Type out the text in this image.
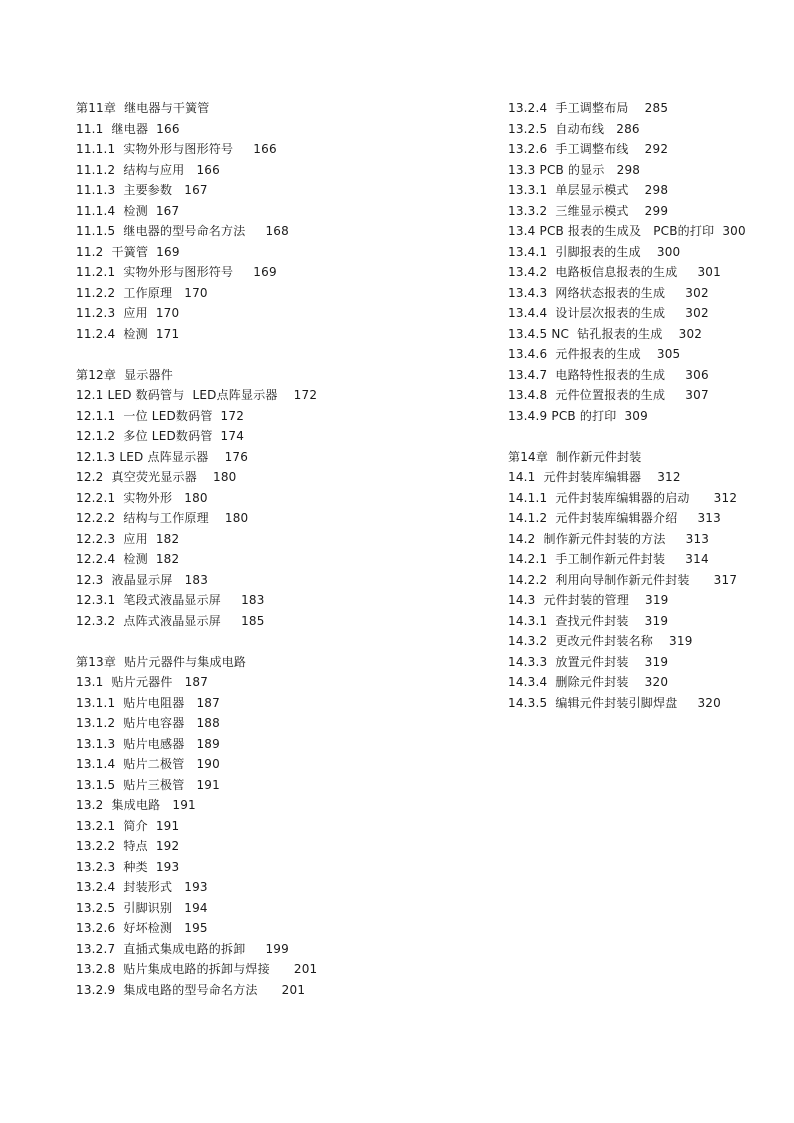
第11章  继电器与干簧管
11.1  继电器  166
11.1.1  实物外形与图形符号     166
11.1.2  结构与应用   166
11.1.3  主要参数   167
11.1.4  检测  167
11.1.5  继电器的型号命名方法     168
11.2  干簧管  169
11.2.1  实物外形与图形符号     169
11.2.2  工作原理   170
11.2.3  应用  170
11.2.4  检测  171
第12章  显示器件
12.1 LED 数码管与  LED点阵显示器    172
12.1.1  一位 LED数码管  172
12.1.2  多位 LED数码管  174
12.1.3 LED 点阵显示器    176
12.2  真空荧光显示器    180
12.2.1  实物外形   180
12.2.2  结构与工作原理    180
12.2.3  应用  182
12.2.4  检测  182
12.3  液晶显示屏   183
12.3.1  笔段式液晶显示屏     183
12.3.2  点阵式液晶显示屏     185
第13章  贴片元器件与集成电路
13.1  贴片元器件   187
13.1.1  贴片电阻器   187
13.1.2  贴片电容器   188
13.1.3  贴片电感器   189
13.1.4  贴片二极管   190
13.1.5  贴片三极管   191
13.2  集成电路   191
13.2.1  简介  191
13.2.2  特点  192
13.2.3  种类  193
13.2.4  封装形式   193
13.2.5  引脚识别   194
13.2.6  好坏检测   195
13.2.7  直插式集成电路的拆卸     199
13.2.8  贴片集成电路的拆卸与焊接      201
13.2.9  集成电路的型号命名方法      201
13.2.4  手工调整布局    285
13.2.5  自动布线   286
13.2.6  手工调整布线    292
13.3 PCB 的显示   298
13.3.1  单层显示模式    298
13.3.2  三维显示模式    299
13.4 PCB 报表的生成及   PCB的打印  300
13.4.1  引脚报表的生成    300
13.4.2  电路板信息报表的生成     301
13.4.3  网络状态报表的生成     302
13.4.4  设计层次报表的生成     302
13.4.5 NC  钻孔报表的生成    302
13.4.6  元件报表的生成    305
13.4.7  电路特性报表的生成     306
13.4.8  元件位置报表的生成     307
13.4.9 PCB 的打印  309
第14章  制作新元件封装
14.1  元件封装库编辑器    312
14.1.1  元件封装库编辑器的启动      312
14.1.2  元件封装库编辑器介绍     313
14.2  制作新元件封装的方法     313
14.2.1  手工制作新元件封装     314
14.2.2  利用向导制作新元件封装      317
14.3  元件封装的管理    319
14.3.1  查找元件封装    319
14.3.2  更改元件封装名称    319
14.3.3  放置元件封装    319
14.3.4  删除元件封装    320
14.3.5  编辑元件封装引脚焊盘     320
